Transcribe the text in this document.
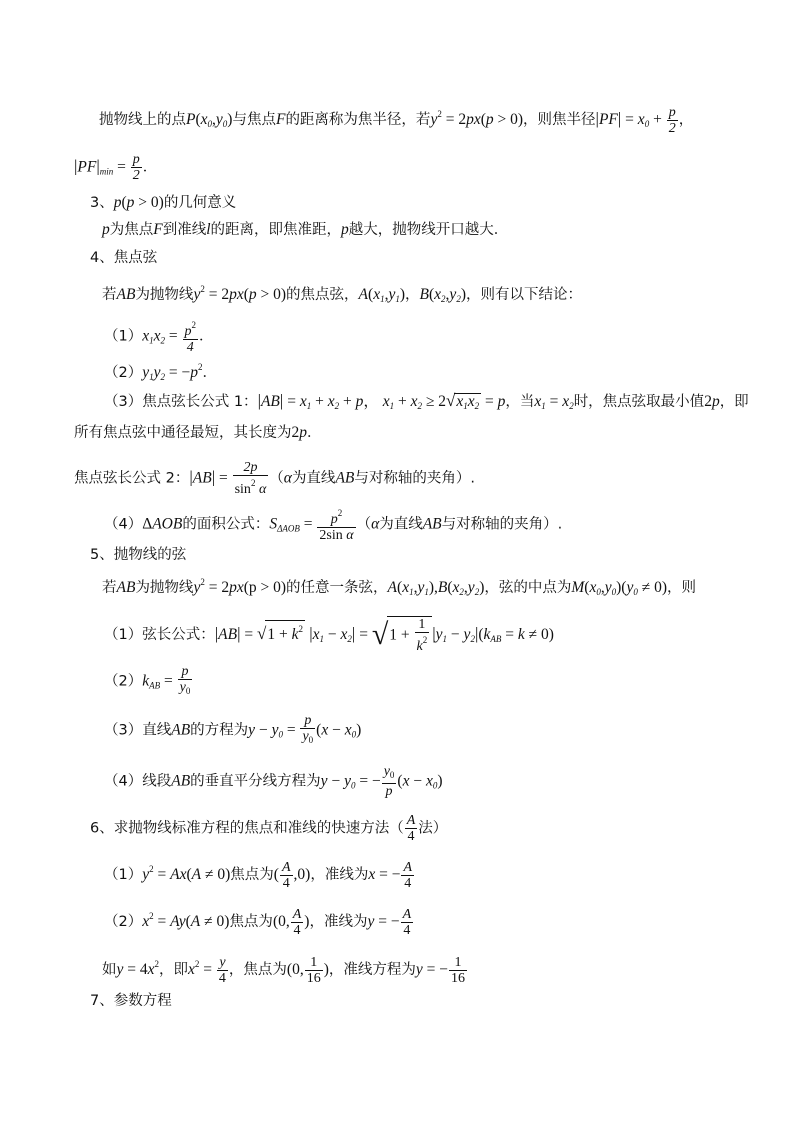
抛物线上的点$P(x_0,y_0)$与焦点F的距离称为焦半径，若$y^2 = 2px(p > 0)$，则焦半径$|PF| = x_0 + \frac{p}{2}$ ，
$|PF|_{min} = \frac{p}{2}$ ．
3、p(p > 0)的几何意义
p为焦点F到准线l的距离，即焦准距，p越大，抛物线开口越大．
4、焦点弦
若AB为抛物线$y^2 = 2px(p > 0)$的焦点弦，$A(x_1,y_1)$，$B(x_2,y_2)$，则有以下结论：
$(1)x_1x_2 = \frac{p^2}{4}$ ．
$(2)y_1y_2 = -p^2$．
（3）焦点弦长公式 1：$|AB| = x_1 + x_2 + p$， $x_1 + x_2 \ge 2√x_1x_2 = p$，当$x_1 = x_2$时，焦点弦取最小值2p，即
所有焦点弦中通径最短，其长度为2p．
焦点弦长公式 2：$|AB| = \frac{2p}{\sin^2 \alpha} (\alpha$为直线AB与对称轴的夹角）.
（4）ΔAOB的面积公式：$S_{\Delta AOB} = \frac{p^2}{\text{2sin α}} (\alpha$为直线AB与对称轴的夹角）.
5、抛物线的弦
若AB为抛物线$y^2 = 2px(p > 0)$的任意一条弦，$A(x_1,y_1),B(x_2,y_2)$，弦的中点为$M(x_0,y_0)(y_0 \ne 0)$，则
（1）弦长公式：$|AB| = √1 + k^2$ $|x_1 - x_2| = √1 + \frac{1}{k^2} |y_1 - y_2|(k_{AB} = k \ne 0)$
$(2)k_{AB} = \frac{p}{y_0}$
（3）直线AB的方程为$y - y_0 = \frac{p}{y_0} (x - x_0)$
（4）线段AB的垂直平分线方程为$y - y_0$ = − $\frac{y_0}{p} (x - x_0)$
6、求抛物线标准方程的焦点和准线的快速方法（ $\frac{A}{4}$ 法）
$(1)y^2 = Ax(A \ne 0)$焦点为( $\frac{A}{4} ,0$)，准线为x = − $\frac{A}{4}$
$(2)x^2 = Ay(A \ne 0)$焦点为(0, $\frac{A}{4}$ )，准线为y = − $\frac{A}{4}$
如$y = 4x^2$，即$x^2 = \frac{y}{4}$ ，焦点为(0, $\frac{1}{16}$ )，准线方程为y = − $\frac{1}{16}$
7、参数方程
